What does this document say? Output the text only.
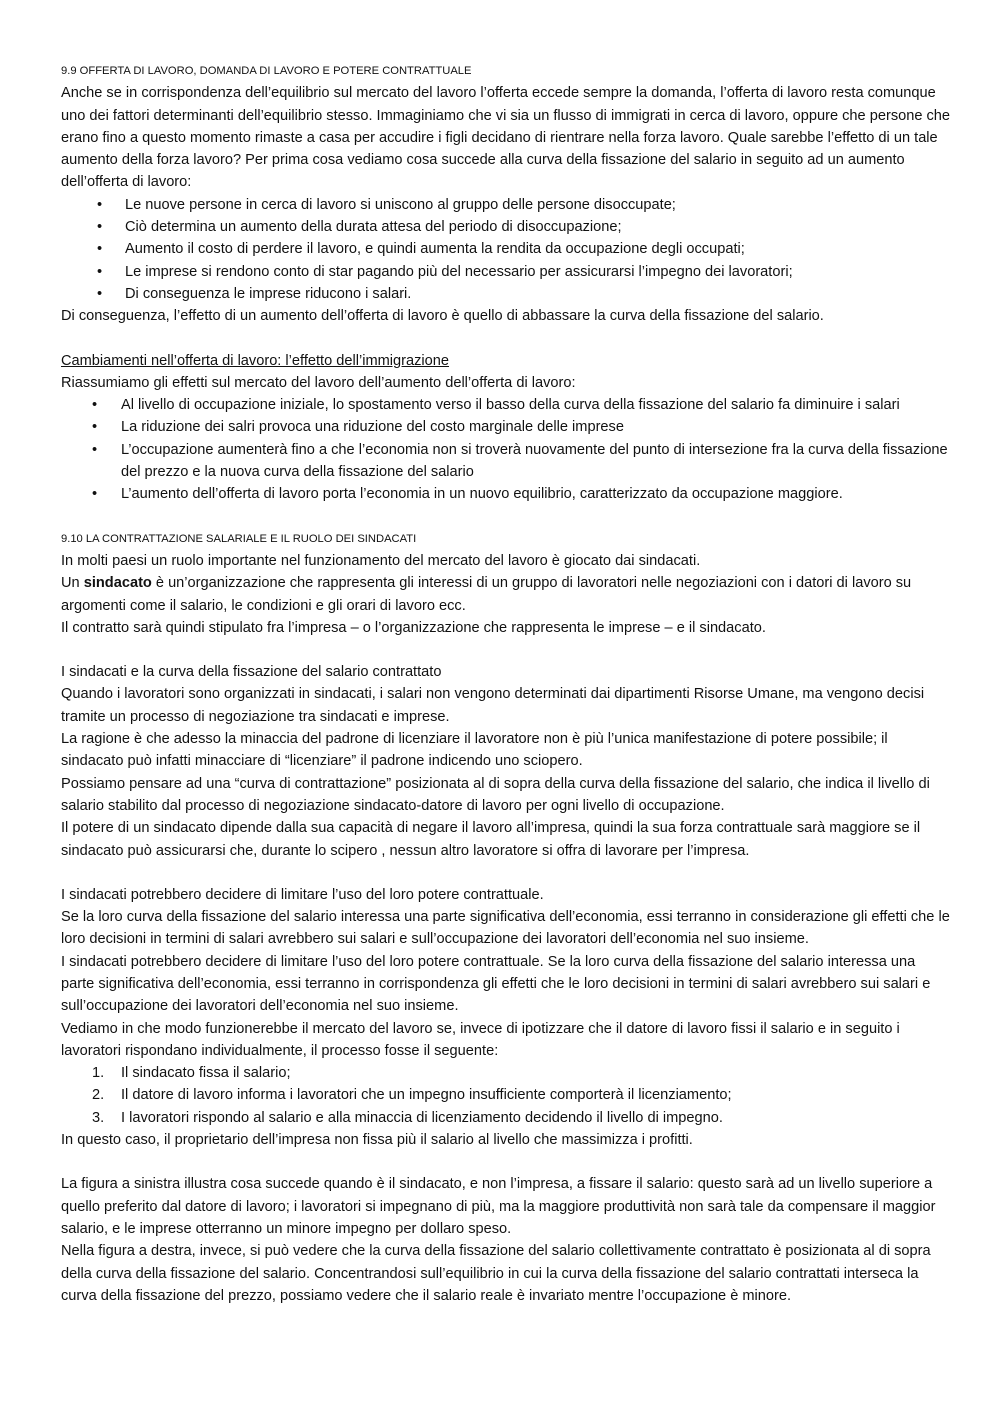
9.9 OFFERTA DI LAVORO, DOMANDA DI LAVORO E POTERE CONTRATTUALE

Anche se in corrispondenza dell’equilibrio sul mercato del lavoro l’offerta eccede sempre la domanda, l’offerta di lavoro resta comunque uno dei fattori determinanti dell’equilibrio stesso. Immaginiamo che vi sia un flusso di immigrati in cerca di lavoro, oppure che persone che erano fino a questo momento rimaste a casa per accudire i figli decidano di rientrare nella forza lavoro. Quale sarebbe l’effetto di un tale aumento della forza lavoro? Per prima cosa vediamo cosa succede alla curva della fissazione del salario in seguito ad un aumento dell’offerta di lavoro:

• Le nuove persone in cerca di lavoro si uniscono al gruppo delle persone disoccupate;
• Ciò determina un aumento della durata attesa del periodo di disoccupazione;
• Aumento il costo di perdere il lavoro, e quindi aumenta la rendita da occupazione degli occupati;
• Le imprese si rendono conto di star pagando più del necessario per assicurarsi l’impegno dei lavoratori;
• Di conseguenza le imprese riducono i salari.

Di conseguenza, l’effetto di un aumento dell’offerta di lavoro è quello di abbassare la curva della fissazione del salario.

Cambiamenti nell’offerta di lavoro: l’effetto dell’immigrazione

Riassumiamo gli effetti sul mercato del lavoro dell’aumento dell’offerta di lavoro:

• Al livello di occupazione iniziale, lo spostamento verso il basso della curva della fissazione del salario fa diminuire i salari
• La riduzione dei salri provoca una riduzione del costo marginale delle imprese
• L’occupazione aumenterà fino a che l’economia non si troverà nuovamente del punto di intersezione fra la curva della fissazione del prezzo e la nuova curva della fissazione del salario
• L’aumento dell’offerta di lavoro porta l’economia in un nuovo equilibrio, caratterizzato da occupazione maggiore.

9.10 LA CONTRATTAZIONE SALARIALE E IL RUOLO DEI SINDACATI

In molti paesi un ruolo importante nel funzionamento del mercato del lavoro è giocato dai sindacati.

Un sindacato è un’organizzazione che rappresenta gli interessi di un gruppo di lavoratori nelle negoziazioni con i datori di lavoro su argomenti come il salario, le condizioni e gli orari di lavoro ecc.

Il contratto sarà quindi stipulato fra l’impresa – o l’organizzazione che rappresenta le imprese – e il sindacato.

I sindacati e la curva della fissazione del salario contrattato

Quando i lavoratori sono organizzati in sindacati, i salari non vengono determinati dai dipartimenti Risorse Umane, ma vengono decisi tramite un processo di negoziazione tra sindacati e imprese.

La ragione è che adesso la minaccia del padrone di licenziare il lavoratore non è più l’unica manifestazione di potere possibile; il sindacato può infatti minacciare di “licenziare” il padrone indicendo uno sciopero.

Possiamo pensare ad una “curva di contrattazione” posizionata al di sopra della curva della fissazione del salario, che indica il livello di salario stabilito dal processo di negoziazione sindacato-datore di lavoro per ogni livello di occupazione.

Il potere di un sindacato dipende dalla sua capacità di negare il lavoro all’impresa, quindi la sua forza contrattuale sarà maggiore se il sindacato può assicurarsi che, durante lo scipero , nessun altro lavoratore si offra di lavorare per l’impresa.

I sindacati potrebbero decidere di limitare l’uso del loro potere contrattuale.

Se la loro curva della fissazione del salario interessa una parte significativa dell’economia, essi terranno in considerazione gli effetti che le loro decisioni in termini di salari avrebbero sui salari e sull’occupazione dei lavoratori dell’economia nel suo insieme.

I sindacati potrebbero decidere di limitare l’uso del loro potere contrattuale. Se la loro curva della fissazione del salario interessa una parte significativa dell’economia, essi terranno in corrispondenza gli effetti che le loro decisioni in termini di salari avrebbero sui salari e sull’occupazione dei lavoratori dell’economia nel suo insieme.

Vediamo in che modo funzionerebbe il mercato del lavoro se, invece di ipotizzare che il datore di lavoro fissi il salario e in seguito i lavoratori rispondano individualmente, il processo fosse il seguente:

1. Il sindacato fissa il salario;
2. Il datore di lavoro informa i lavoratori che un impegno insufficiente comporterà il licenziamento;
3. I lavoratori rispondo al salario e alla minaccia di licenziamento decidendo il livello di impegno.

In questo caso, il proprietario dell’impresa non fissa più il salario al livello che massimizza i profitti.

La figura a sinistra illustra cosa succede quando è il sindacato, e non l’impresa, a fissare il salario: questo sarà ad un livello superiore a quello preferito dal datore di lavoro; i lavoratori si impegnano di più, ma la maggiore produttività non sarà tale da compensare il maggior salario, e le imprese otterranno un minore impegno per dollaro speso.

Nella figura a destra, invece, si può vedere che la curva della fissazione del salario collettivamente contrattato è posizionata al di sopra della curva della fissazione del salario. Concentrandosi sull’equilibrio in cui la curva della fissazione del salario contrattati interseca la curva della fissazione del prezzo, possiamo vedere che il salario reale è invariato mentre l’occupazione è minore.
